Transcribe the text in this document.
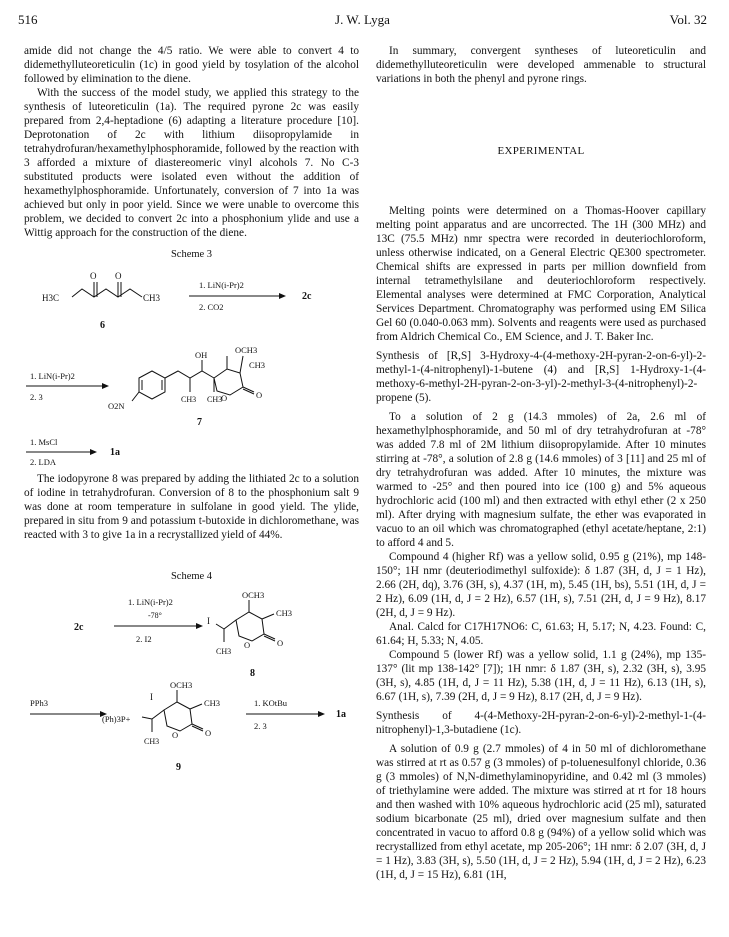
516	J. W. Lyga	Vol. 32

amide did not change the 4/5 ratio. We were able to convert 4 to didemethylluteoreticulin (1c) in good yield by tosylation of the alcohol followed by elimination to the diene.

With the success of the model study, we applied this strategy to the synthesis of luteoreticulin (1a). The required pyrone 2c was easily prepared from 2,4-heptadione (6) adapting a literature procedure [10]. Deprotonation of 2c with lithium diisopropylamide in tetrahydrofuran/hexamethylphosphoramide, followed by the reaction with 3 afforded a mixture of diastereomeric vinyl alcohols 7. No C-3 substituted products were isolated even without the addition of hexamethylphosphoramide. Unfortunately, conversion of 7 into 1a was achieved but only in poor yield. Since we were unable to overcome this problem, we decided to convert 2c into a phosphonium ylide and use a Wittig approach for the construction of the diene.

Scheme 3
H3C	CH3
O O
6
1. LiN(i-Pr)2
2. CO2
2c
1. LiN(i-Pr)2
2. 3
OCH3
CH3
OH
O2N
CH3 CH3
O	O
7
1. MsCl
2. LDA
1a

The iodopyrone 8 was prepared by adding the lithiated 2c to a solution of iodine in tetrahydrofuran. Conversion of 8 to the phosphonium salt 9 was done at room temperature in sulfolane in good yield. The ylide, prepared in situ from 9 and potassium t-butoxide in dichloromethane, was reacted with 3 to give 1a in a recrystallized yield of 44%.

Scheme 4
2c
1. LiN(i-Pr)2
-78°
2. I2
OCH3
CH3
I
O	O
CH3
8
PPh3
OCH3
CH3
I
(Ph)3P+
O	O
CH3
9
1. KOtBu
2. 3
1a

In summary, convergent syntheses of luteoreticulin and didemethylluteoreticulin were developed ammenable to structural variations in both the phenyl and pyrone rings.

EXPERIMENTAL

Melting points were determined on a Thomas-Hoover capillary melting point apparatus and are uncorrected. The 1H (300 MHz) and 13C (75.5 MHz) nmr spectra were recorded in deuteriochloroform, unless otherwise indicated, on a General Electric QE300 spectrometer. Chemical shifts are expressed in parts per million downfield from internal tetramethylsilane and deuteriochloroform respectively. Elemental analyses were determined at FMC Corporation, Analytical Services Department. Chromatography was performed using EM Silica Gel 60 (0.040-0.063 mm). Solvents and reagents were used as purchased from Aldrich Chemical Co., EM Science, and J. T. Baker Inc.

Synthesis of [R,S] 3-Hydroxy-4-(4-methoxy-2H-pyran-2-on-6-yl)-2-methyl-1-(4-nitrophenyl)-1-butene (4) and [R,S] 1-Hydroxy-1-(4-methoxy-6-methyl-2H-pyran-2-on-3-yl)-2-methyl-3-(4-nitrophenyl)-2-propene (5).

To a solution of 2 g (14.3 mmoles) of 2a, 2.6 ml of hexamethylphosphoramide, and 50 ml of dry tetrahydrofuran at -78° was added 7.8 ml of 2M lithium diisopropylamide. After 10 minutes stirring at -78°, a solution of 2.8 g (14.6 mmoles) of 3 [11] and 25 ml of dry tetrahydrofuran was added. After 10 minutes, the mixture was warmed to -25° and then poured into ice (100 g) and 5% aqueous hydrochloric acid (100 ml) and then extracted with ethyl ether (2 x 250 ml). After drying with magnesium sulfate, the ether was evaporated in vacuo to an oil which was chromatographed (ethyl acetate/heptane, 2:1) to afford 4 and 5.

Compound 4 (higher Rf) was a yellow solid, 0.95 g (21%), mp 148-150°; 1H nmr (deuteriodimethyl sulfoxide): δ 1.87 (3H, d, J = 1 Hz), 2.66 (2H, dq), 3.76 (3H, s), 4.37 (1H, m), 5.45 (1H, bs), 5.51 (1H, d, J = 2 Hz), 6.09 (1H, d, J = 2 Hz), 6.57 (1H, s), 7.51 (2H, d, J = 9 Hz), 8.17 (2H, d, J = 9 Hz).

Anal. Calcd for C17H17NO6: C, 61.63; H, 5.17; N, 4.23. Found: C, 61.64; H, 5.33; N, 4.05.

Compound 5 (lower Rf) was a yellow solid, 1.1 g (24%), mp 135-137° (lit mp 138-142° [7]); 1H nmr: δ 1.87 (3H, s), 2.32 (3H, s), 3.95 (3H, s), 4.85 (1H, d, J = 11 Hz), 5.38 (1H, d, J = 11 Hz), 6.13 (1H, s), 6.67 (1H, s), 7.39 (2H, d, J = 9 Hz), 8.17 (2H, d, J = 9 Hz).

Synthesis of 4-(4-Methoxy-2H-pyran-2-on-6-yl)-2-methyl-1-(4-nitrophenyl)-1,3-butadiene (1c).

A solution of 0.9 g (2.7 mmoles) of 4 in 50 ml of dichloromethane was stirred at rt as 0.57 g (3 mmoles) of p-toluenesulfonyl chloride, 0.36 g (3 mmoles) of N,N-dimethylaminopyridine, and 0.42 ml (3 mmoles) of triethylamine were added. The mixture was stirred at rt for 18 hours and then washed with 10% aqueous hydrochloric acid (25 ml), saturated sodium bicarbonate (25 ml), dried over magnesium sulfate and then concentrated in vacuo to afford 0.8 g (94%) of a yellow solid which was recrystallized from ethyl acetate, mp 205-206°; 1H nmr: δ 2.07 (3H, d, J = 1 Hz), 3.83 (3H, s), 5.50 (1H, d, J = 2 Hz), 5.94 (1H, d, J = 2 Hz), 6.23 (1H, d, J = 15 Hz), 6.81 (1H,
